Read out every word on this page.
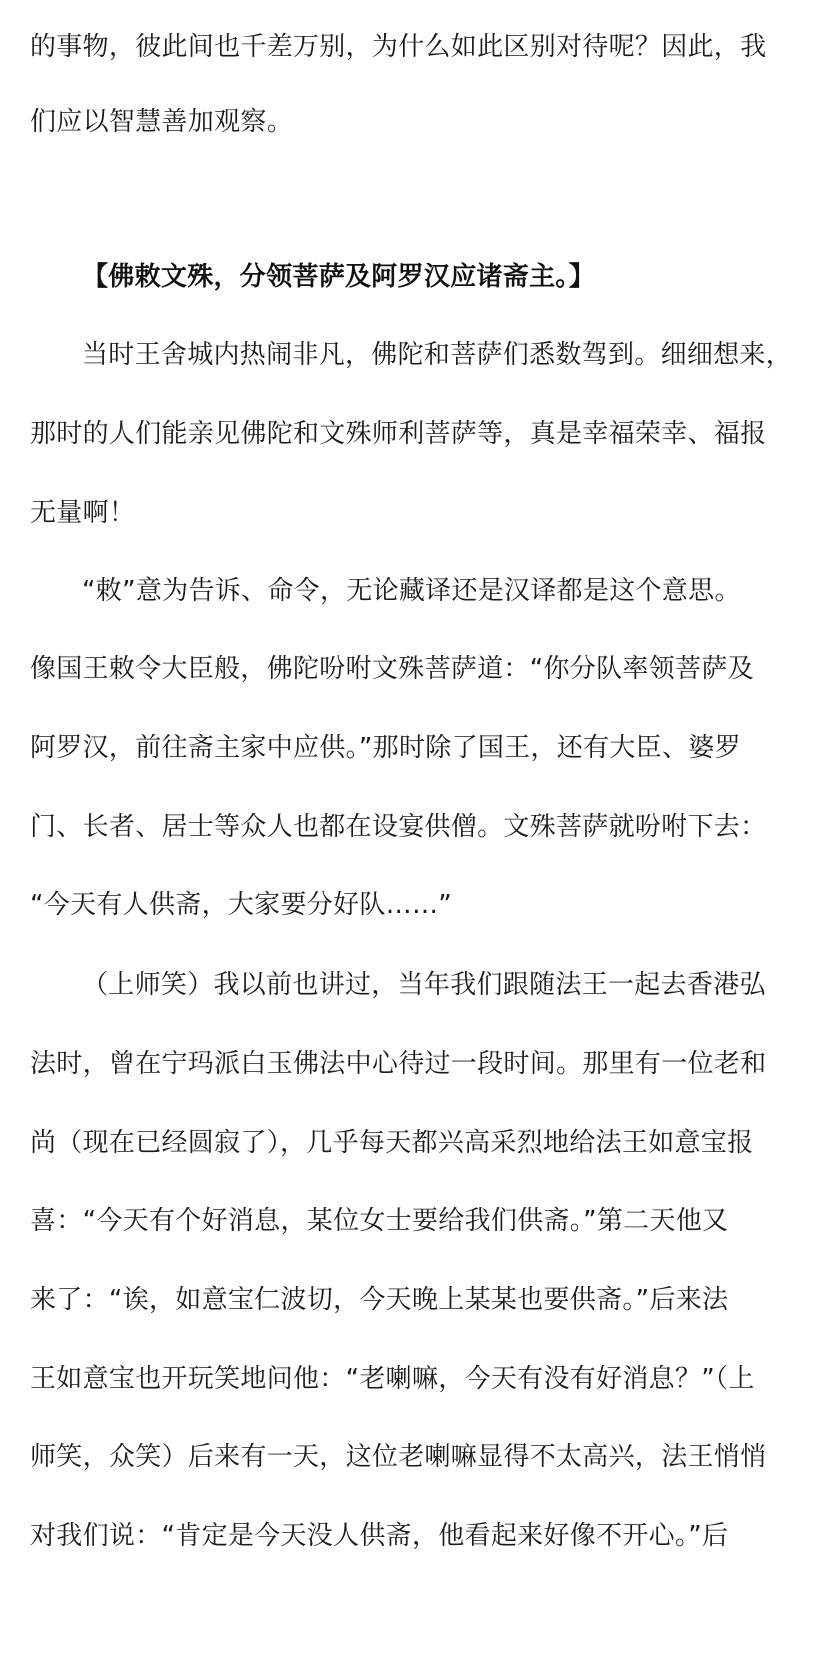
的事物，彼此间也千差万别，为什么如此区别对待呢？因此，我
们应以智慧善加观察。
【佛敕文殊，分领菩萨及阿罗汉应诸斋主。】
当时王舍城内热闹非凡，佛陀和菩萨们悉数驾到。细细想来，
那时的人们能亲见佛陀和文殊师利菩萨等，真是幸福荣幸、福报
无量啊！
“敕”意为告诉、命令，无论藏译还是汉译都是这个意思。
像国王敕令大臣般，佛陀吩咐文殊菩萨道：“你分队率领菩萨及
阿罗汉，前往斋主家中应供。”那时除了国王，还有大臣、婆罗
门、长者、居士等众人也都在设宴供僧。文殊菩萨就吩咐下去：
“今天有人供斋，大家要分好队……”
（上师笑）我以前也讲过，当年我们跟随法王一起去香港弘
法时，曾在宁玛派白玉佛法中心待过一段时间。那里有一位老和
尚（现在已经圆寂了），几乎每天都兴高采烈地给法王如意宝报
喜：“今天有个好消息，某位女士要给我们供斋。”第二天他又
来了：“诶，如意宝仁波切，今天晚上某某也要供斋。”后来法
王如意宝也开玩笑地问他：“老喇嘛，今天有没有好消息？”（上
师笑，众笑）后来有一天，这位老喇嘛显得不太高兴，法王悄悄
对我们说：“肯定是今天没人供斋，他看起来好像不开心。”后
